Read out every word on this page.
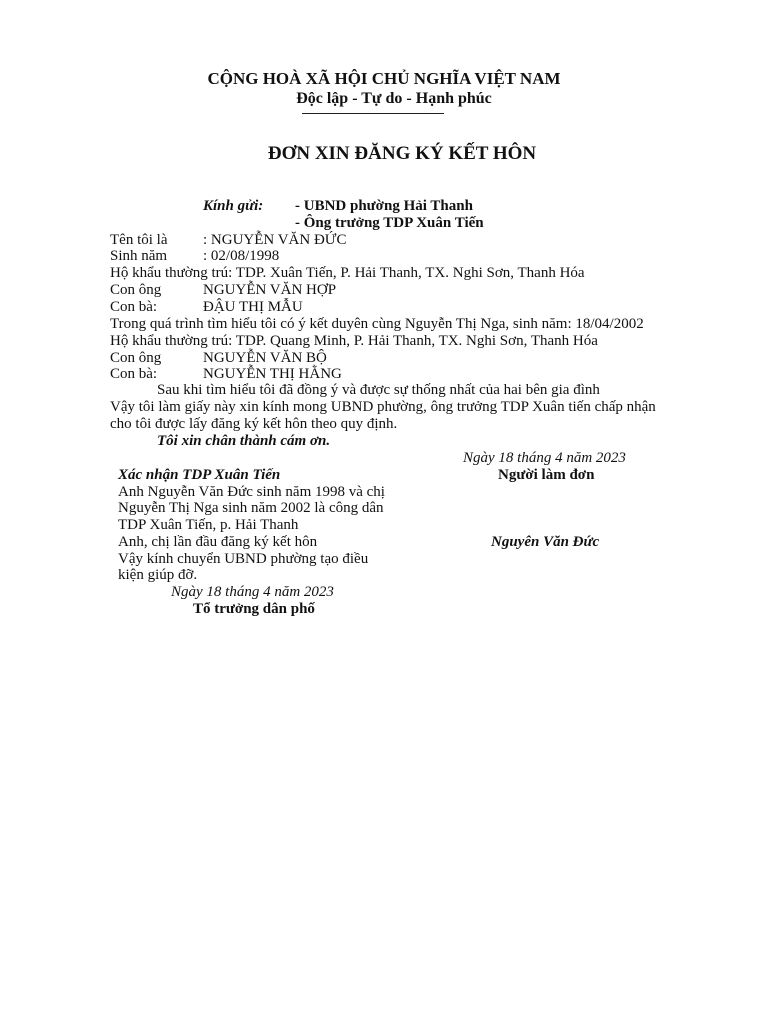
CỘNG HOÀ XÃ HỘI CHỦ NGHĨA VIỆT NAM
Độc lập - Tự do - Hạnh phúc
ĐƠN XIN ĐĂNG KÝ KẾT HÔN
Kính gửi: - UBND phường Hải Thanh
- Ông trưởng TDP Xuân Tiến
Tên tôi là : NGUYỄN VĂN ĐỨC
Sinh năm : 02/08/1998
Hộ khẩu thường trú: TDP. Xuân Tiến, P. Hải Thanh, TX. Nghi Sơn, Thanh Hóa
Con ông	NGUYỄN VĂN HỢP
Con bà:	ĐẬU THỊ MẪU
Trong quá trình tìm hiểu tôi có ý kết duyên cùng Nguyễn Thị Nga, sinh năm: 18/04/2002
Hộ khẩu thường trú: TDP. Quang Minh, P. Hải Thanh, TX. Nghi Sơn, Thanh Hóa
Con ông	NGUYỄN VĂN BỘ
Con bà:	NGUYỄN THỊ HẰNG
Sau khi tìm hiểu tôi đã đồng ý và được sự thống nhất của hai bên gia đình
Vậy tôi làm giấy này xin kính mong UBND phường, ông trưởng TDP Xuân tiến chấp nhận
cho tôi được lấy đăng ký kết hôn theo quy định.
Tôi xin chân thành cám ơn.
Ngày 18 tháng 4 năm 2023
Người làm đơn
Nguyên Văn Đức
Xác nhận TDP Xuân Tiến
Anh Nguyễn Văn Đức sinh năm 1998 và chị
Nguyễn Thị Nga sinh năm 2002 là công dân
TDP Xuân Tiến, p. Hải Thanh
Anh, chị lần đầu đăng ký kết hôn
Vậy kính chuyển UBND phường tạo điều
kiện giúp đỡ.
Ngày 18 tháng 4 năm 2023
Tổ trưởng dân phố
